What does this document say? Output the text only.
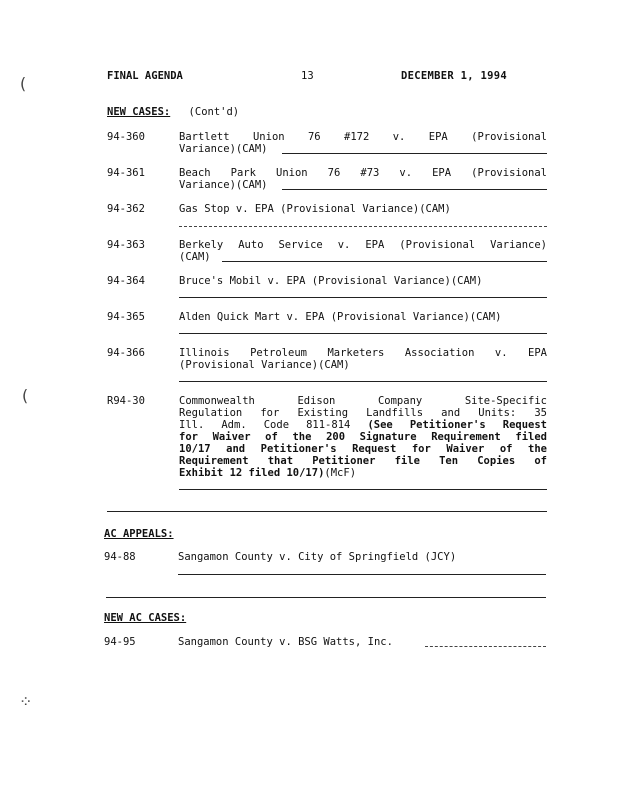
(
(
⁘
FINAL AGENDA	13	DECEMBER 1, 1994
NEW CASES: (Cont'd)
94-360	Bartlett Union 76 #172 v. EPA (Provisional
Variance)(CAM)
94-361	Beach Park Union 76 #73 v. EPA (Provisional
Variance)(CAM)
94-362	Gas Stop v. EPA (Provisional Variance)(CAM)
94-363	Berkely Auto Service v. EPA (Provisional Variance)
(CAM)
94-364	Bruce's Mobil v. EPA (Provisional Variance)(CAM)
94-365	Alden Quick Mart v. EPA (Provisional Variance)(CAM)
94-366	Illinois Petroleum Marketers Association v. EPA
(Provisional Variance)(CAM)
R94-30	Commonwealth Edison Company Site-Specific
Regulation for Existing Landfills and Units: 35
Ill. Adm. Code 811-814 (See Petitioner's Request
for Waiver of the 200 Signature Requirement filed
10/17 and Petitioner's Request for Waiver of the
Requirement that Petitioner file Ten Copies of
Exhibit 12 filed 10/17)(McF)
AC APPEALS:
94-88	Sangamon County v. City of Springfield (JCY)
NEW AC CASES:
94-95	Sangamon County v. BSG Watts, Inc.
